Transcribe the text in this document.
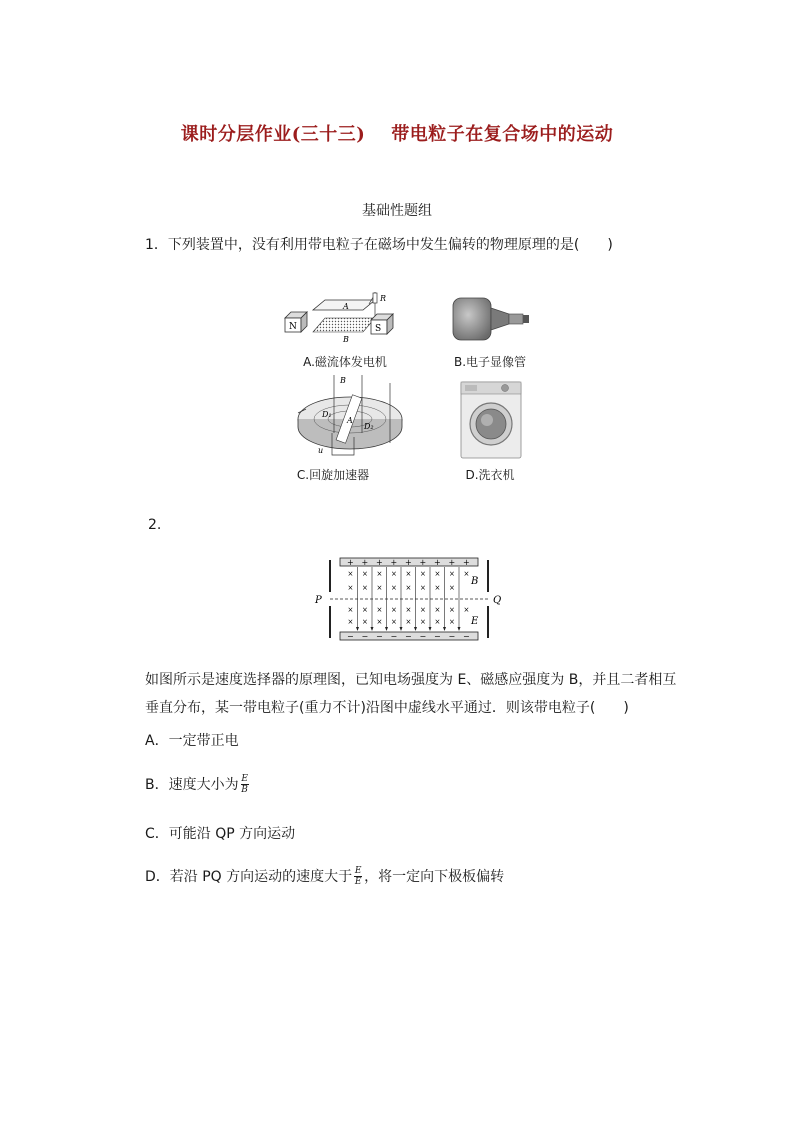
课时分层作业(三十三) 带电粒子在复合场中的运动
基础性题组
1．下列装置中，没有利用带电粒子在磁场中发生偏转的物理原理的是(　　)
N
A
B
S
R
A.磁流体发电机	B.电子显像管
B
A
D₁
D₂
u
C.回旋加速器	D.洗衣机
2.
P	Q
B
E
+
−
×
×
×
×
+
−
×
×
×
×
+
−
×
×
×
×
+
−
×
×
×
×
+
−
×
×
×
×
+
−
×
×
×
×
+
−
×
×
×
×
+
−
×
×
×
×
+
−
×
×
如图所示是速度选择器的原理图，已知电场强度为 E、磁感应强度为 B，并且二者相互垂直分布，某一带电粒子(重力不计)沿图中虚线水平通过．则该带电粒子(　　)
A．一定带正电
B．速度大小为 $\frac{E}{B}$
C．可能沿 QP 方向运动
D．若沿 PQ 方向运动的速度大于 $\frac{E}{E}$ ，将一定向下极板偏转
